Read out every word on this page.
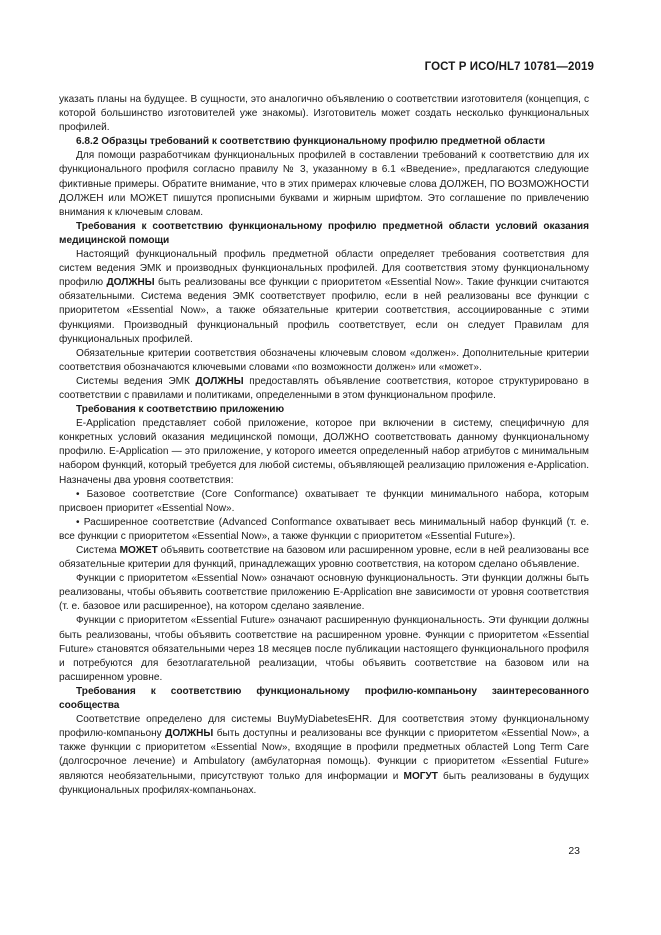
ГОСТ Р ИСО/HL7 10781—2019

указать планы на будущее. В сущности, это аналогично объявлению о соответствии изготовителя (концепция, с которой большинство изготовителей уже знакомы). Изготовитель может создать несколько функциональных профилей.

6.8.2 Образцы требований к соответствию функциональному профилю предметной области

Для помощи разработчикам функциональных профилей в составлении требований к соответствию для их функционального профиля согласно правилу № 3, указанному в 6.1 «Введение», предлагаются следующие фиктивные примеры. Обратите внимание, что в этих примерах ключевые слова ДОЛЖЕН, ПО ВОЗМОЖНОСТИ ДОЛЖЕН или МОЖЕТ пишутся прописными буквами и жирным шрифтом. Это соглашение по привлечению внимания к ключевым словам.

Требования к соответствию функциональному профилю предметной области условий оказания медицинской помощи

Настоящий функциональный профиль предметной области определяет требования соответствия для систем ведения ЭМК и производных функциональных профилей. Для соответствия этому функциональному профилю ДОЛЖНЫ быть реализованы все функции с приоритетом «Essential Now». Такие функции считаются обязательными. Система ведения ЭМК соответствует профилю, если в ней реализованы все функции с приоритетом «Essential Now», а также обязательные критерии соответствия, ассоциированные с этими функциями. Производный функциональный профиль соответствует, если он следует Правилам для функциональных профилей.

Обязательные критерии соответствия обозначены ключевым словом «должен». Дополнительные критерии соответствия обозначаются ключевыми словами «по возможности должен» или «может».

Системы ведения ЭМК ДОЛЖНЫ предоставлять объявление соответствия, которое структурировано в соответствии с правилами и политиками, определенными в этом функциональном профиле.

Требования к соответствию приложению

E-Application представляет собой приложение, которое при включении в систему, специфичную для конкретных условий оказания медицинской помощи, ДОЛЖНО соответствовать данному функциональному профилю. E-Application — это приложение, у которого имеется определенный набор атрибутов с минимальным набором функций, который требуется для любой системы, объявляющей реализацию приложения e-Application. Назначены два уровня соответствия:

• Базовое соответствие (Core Conformance) охватывает те функции минимального набора, которым присвоен приоритет «Essential Now».

• Расширенное соответствие (Advanced Conformance охватывает весь минимальный набор функций (т. е. все функции с приоритетом «Essential Now», а также функции с приоритетом «Essential Future»).

Система МОЖЕТ объявить соответствие на базовом или расширенном уровне, если в ней реализованы все обязательные критерии для функций, принадлежащих уровню соответствия, на котором сделано объявление.

Функции с приоритетом «Essential Now» означают основную функциональность. Эти функции должны быть реализованы, чтобы объявить соответствие приложению E-Application вне зависимости от уровня соответствия (т. е. базовое или расширенное), на котором сделано заявление.

Функции с приоритетом «Essential Future» означают расширенную функциональность. Эти функции должны быть реализованы, чтобы объявить соответствие на расширенном уровне. Функции с приоритетом «Essential Future» становятся обязательными через 18 месяцев после публикации настоящего функционального профиля и потребуются для безотлагательной реализации, чтобы объявить соответствие на базовом или на расширенном уровне.

Требования к соответствию функциональному профилю-компаньону заинтересованного сообщества

Соответствие определено для системы BuyMyDiabetesEHR. Для соответствия этому функциональному профилю-компаньону ДОЛЖНЫ быть доступны и реализованы все функции с приоритетом «Essential Now», а также функции с приоритетом «Essential Now», входящие в профили предметных областей Long Term Care (долгосрочное лечение) и Ambulatory (амбулаторная помощь). Функции с приоритетом «Essential Future» являются необязательными, присутствуют только для информации и МОГУТ быть реализованы в будущих функциональных профилях-компаньонах.

23
